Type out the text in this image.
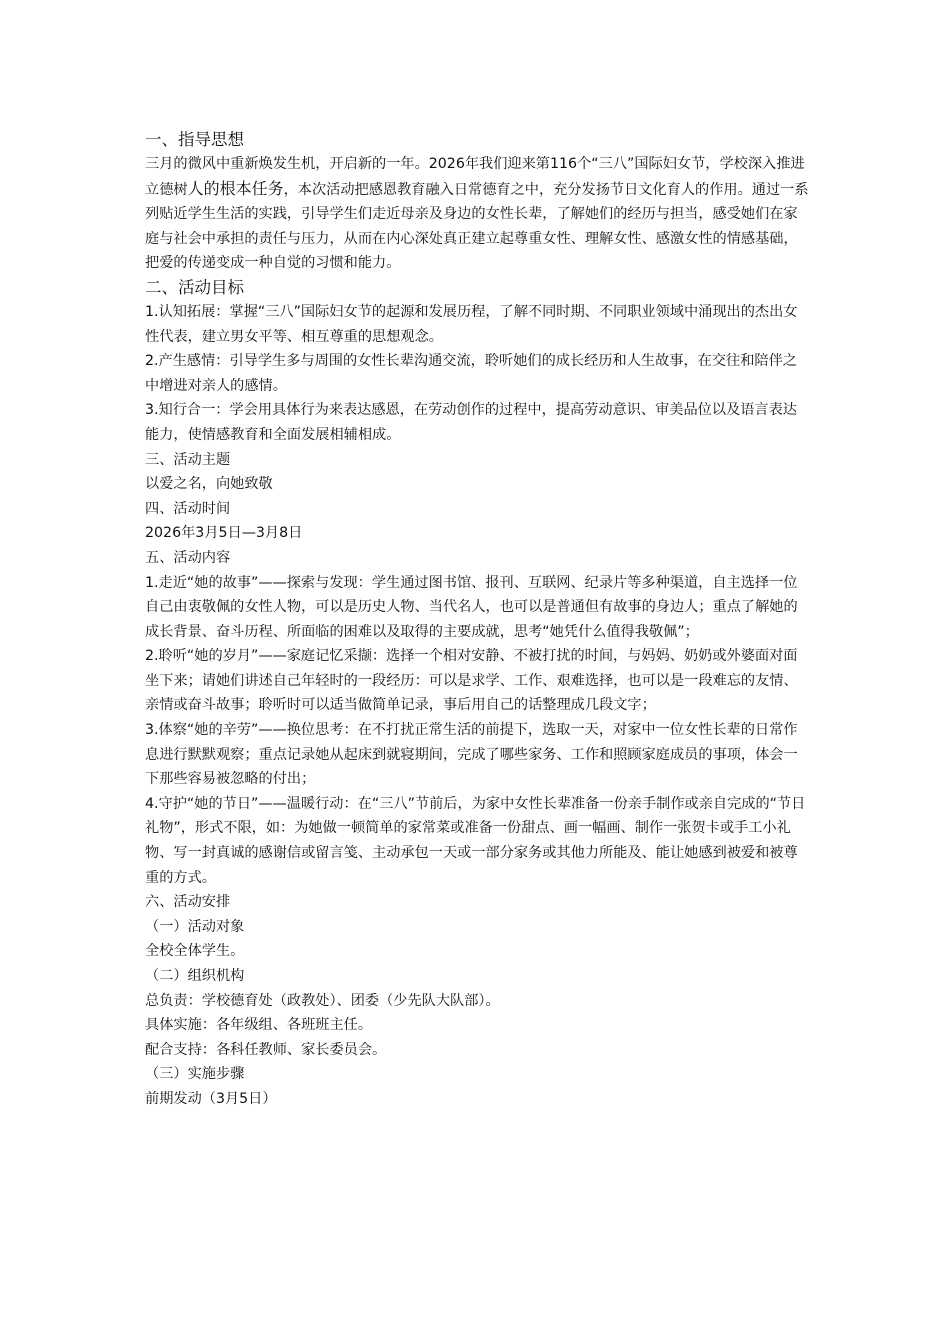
一、指导思想

三月的微风中重新焕发生机，开启新的一年。2026年我们迎来第116个“三八”国际妇女节，学校深入推进立德树人的根本任务，本次活动把感恩教育融入日常德育之中，充分发扬节日文化育人的作用。通过一系列贴近学生生活的实践，引导学生们走近母亲及身边的女性长辈，了解她们的经历与担当，感受她们在家庭与社会中承担的责任与压力，从而在内心深处真正建立起尊重女性、理解女性、感激女性的情感基础，把爱的传递变成一种自觉的习惯和能力。

二、活动目标

1.认知拓展：掌握“三八”国际妇女节的起源和发展历程，了解不同时期、不同职业领域中涌现出的杰出女性代表，建立男女平等、相互尊重的思想观念。

2.产生感情：引导学生多与周围的女性长辈沟通交流，聆听她们的成长经历和人生故事，在交往和陪伴之中增进对亲人的感情。

3.知行合一：学会用具体行为来表达感恩，在劳动创作的过程中，提高劳动意识、审美品位以及语言表达能力，使情感教育和全面发展相辅相成。

三、活动主题

以爱之名，向她致敬

四、活动时间

2026年3月5日—3月8日

五、活动内容

1.走近“她的故事”——探索与发现：学生通过图书馆、报刊、互联网、纪录片等多种渠道，自主选择一位自己由衷敬佩的女性人物，可以是历史人物、当代名人，也可以是普通但有故事的身边人；重点了解她的成长背景、奋斗历程、所面临的困难以及取得的主要成就，思考“她凭什么值得我敬佩”；

2.聆听“她的岁月”——家庭记忆采撷：选择一个相对安静、不被打扰的时间，与妈妈、奶奶或外婆面对面坐下来；请她们讲述自己年轻时的一段经历：可以是求学、工作、艰难选择，也可以是一段难忘的友情、亲情或奋斗故事；聆听时可以适当做简单记录，事后用自己的话整理成几段文字；

3.体察“她的辛劳”——换位思考：在不打扰正常生活的前提下，选取一天，对家中一位女性长辈的日常作息进行默默观察；重点记录她从起床到就寝期间，完成了哪些家务、工作和照顾家庭成员的事项，体会一下那些容易被忽略的付出；

4.守护“她的节日”——温暖行动：在“三八”节前后，为家中女性长辈准备一份亲手制作或亲自完成的“节日礼物”，形式不限，如：为她做一顿简单的家常菜或准备一份甜点、画一幅画、制作一张贺卡或手工小礼物、写一封真诚的感谢信或留言笺、主动承包一天或一部分家务或其他力所能及、能让她感到被爱和被尊重的方式。

六、活动安排

（一）活动对象

全校全体学生。

（二）组织机构

总负责：学校德育处（政教处）、团委（少先队大队部）。

具体实施：各年级组、各班班主任。

配合支持：各科任教师、家长委员会。

（三）实施步骤

前期发动（3月5日）
